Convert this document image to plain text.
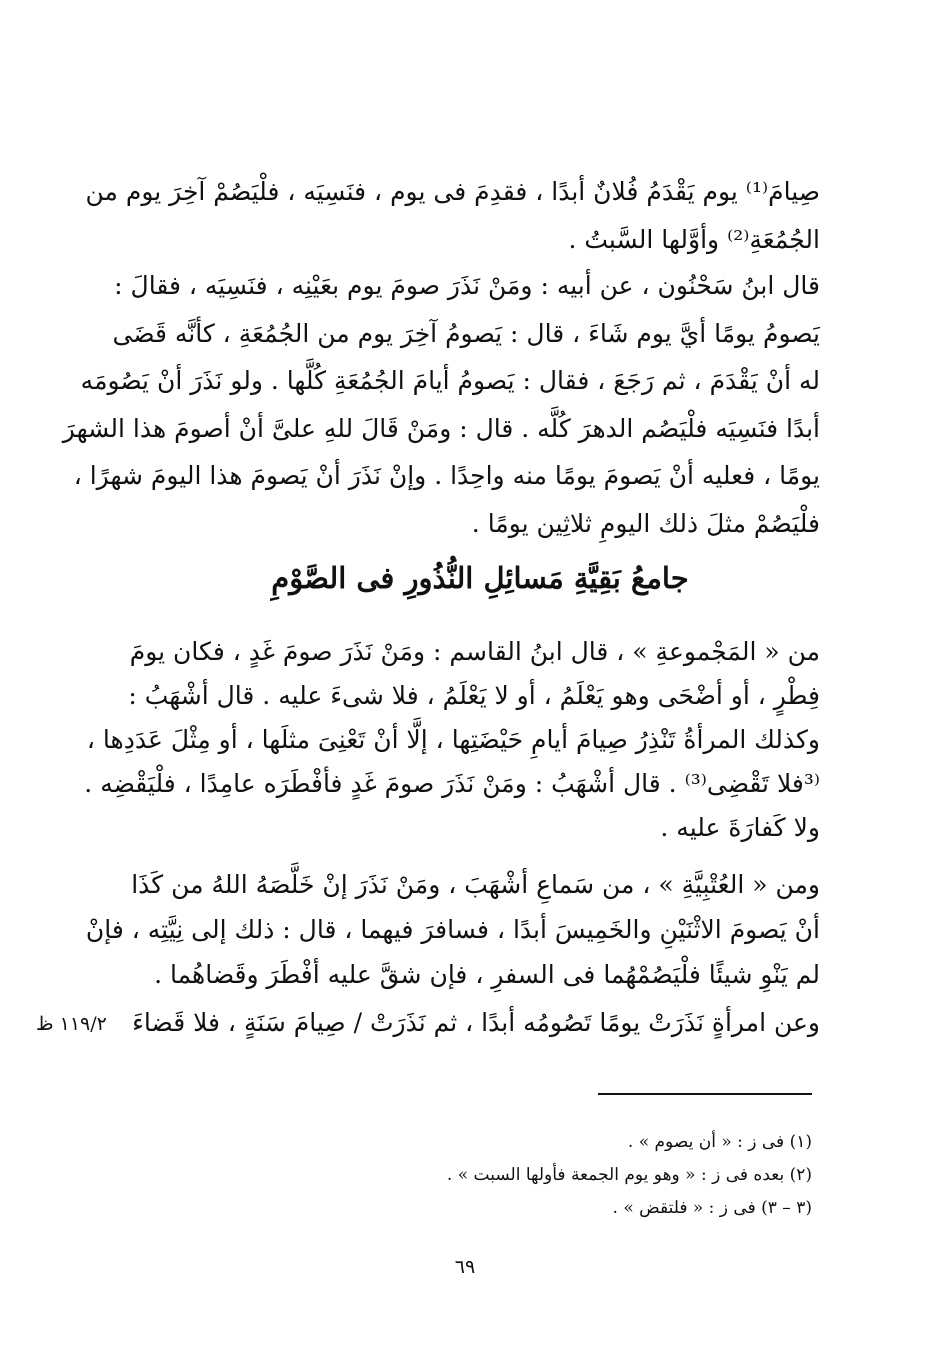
صِيامَ⁽¹⁾ يوم يَقْدَمُ فُلانٌ أبدًا ، فقدِمَ فى يوم ، فنَسِيَه ، فلْيَصُمْ آخِرَ يوم من
الجُمُعَةِ⁽²⁾ وأوَّلها السَّبتُ .
قال ابنُ سَحْنُون ، عن أبيه : ومَنْ نَذَرَ صومَ يوم بعَيْنِه ، فنَسِيَه ، فقالَ :
يَصومُ يومًا أيَّ يوم شَاءَ ، قال : يَصومُ آخِرَ يوم من الجُمُعَةِ ، كأنَّه قَضَى
له أنْ يَقْدَمَ ، ثم رَجَعَ ، فقال : يَصومُ أيامَ الجُمُعَةِ كُلَّها . ولو نَذَرَ أنْ يَصُومَه
أبدًا فنَسِيَه فلْيَصُم الدهرَ كُلَّه . قال : ومَنْ قَالَ للهِ علىَّ أنْ أصومَ هذا الشهرَ
يومًا ، فعليه أنْ يَصومَ يومًا منه واحِدًا . وإنْ نَذَرَ أنْ يَصومَ هذا اليومَ شهرًا ،
فلْيَصُمْ مثلَ ذلك اليومِ ثلاثِين يومًا .
جامعُ بَقِيَّةِ مَسائِلِ النُّذُورِ فى الصَّوْمِ
من « المَجْموعةِ » ، قال ابنُ القاسم : ومَنْ نَذَرَ صومَ غَدٍ ، فكان يومَ
فِطْرٍ ، أو أضْحَى وهو يَعْلَمُ ، أو لا يَعْلَمُ ، فلا شىءَ عليه . قال أشْهَبُ :
وكذلك المرأةُ تَنْذِرُ صِيامَ أيامِ حَيْضَتِها ، إلَّا أنْ تَعْنِىَ مثلَها ، أو مِثْلَ عَدَدِها ،
⁽³فلا تَقْضِى⁽³⁾ . قال أشْهَبُ : ومَنْ نَذَرَ صومَ غَدٍ فأفْطَرَه عامِدًا ، فلْيَقْضِه .
ولا كَفارَةَ عليه .
ومن « العُتْبِيَّةِ » ، من سَماعِ أشْهَبَ ، ومَنْ نَذَرَ إنْ خَلَّصَهُ اللهُ من كَذَا
أنْ يَصومَ الاثْنَيْنِ والخَمِيسَ أبدًا ، فسافرَ فيهما ، قال : ذلك إلى نِيَّتِه ، فإنْ
لم يَنْوِ شيئًا فلْيَصُمْهُما فى السفرِ ، فإن شقَّ عليه أفْطَرَ وقَضاهُما .
وعن امرأةٍ نَذَرَتْ يومًا تَصُومُه أبدًا ، ثم نَذَرَتْ / صِيامَ سَنَةٍ ، فلا قَضاءَ
١١٩/٢ ظ
(١) فى ز : « أن يصوم » .
(٢) بعده فى ز : « وهو يوم الجمعة فأولها السبت » .
(٣ – ٣) فى ز : « فلتقض » .
٦٩
